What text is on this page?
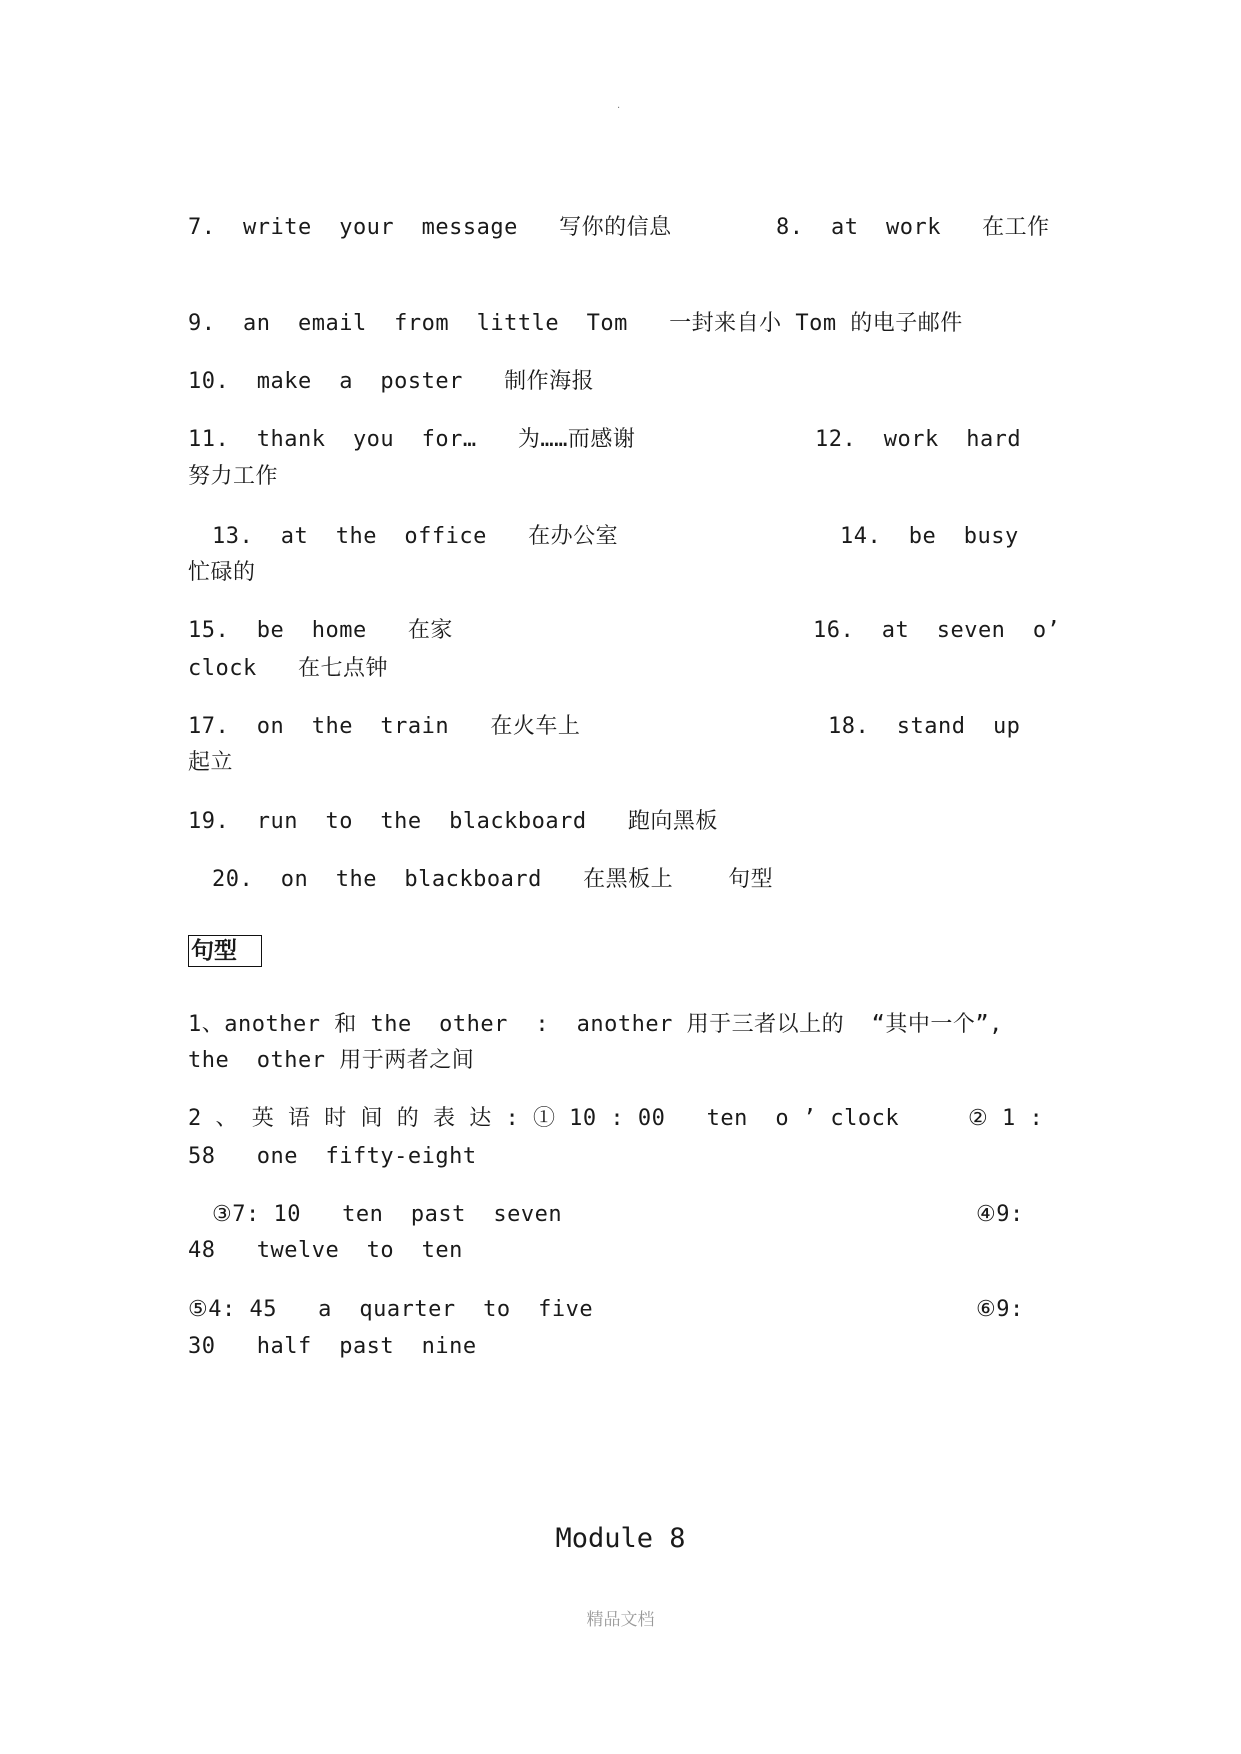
.
7.  write  your  message   写你的信息	8.  at  work   在工作
9.  an  email  from  little  Tom   一封来自小 Tom 的电子邮件
10.  make  a  poster   制作海报
11.  thank  you  for…   为……而感谢	12.  work  hard
努力工作
13.  at  the  office   在办公室	14.  be  busy
忙碌的
15.  be  home   在家	16.  at  seven  o’
clock   在七点钟
17.  on  the  train   在火车上	18.  stand  up
起立
19.  run  to  the  blackboard   跑向黑板
20.  on  the  blackboard   在黑板上    句型
句型
1、another 和 the  other  :  another 用于三者以上的  “其中一个”,
the  other 用于两者之间
2 、 英 语 时 间 的 表 达 : ① 10 : 00   ten  o ’ clock	② 1 :
58   one  fifty-eight
③7: 10   ten  past  seven	④9:
48   twelve  to  ten
⑤4: 45   a  quarter  to  five	⑥9:
30   half  past  nine
Module 8
精品文档
